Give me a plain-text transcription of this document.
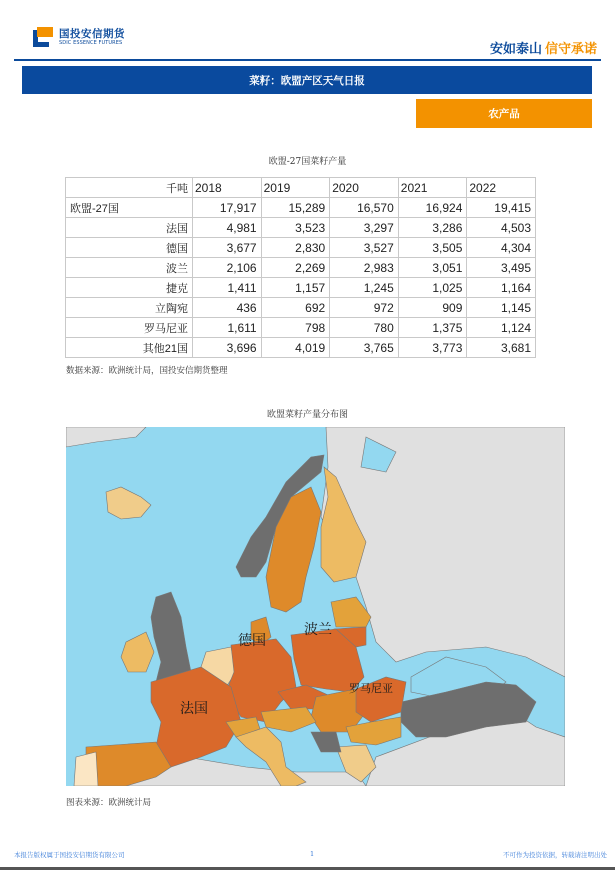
国投安信期货
SDIC ESSENCE FUTURES	安如泰山 信守承诺
菜籽：欧盟产区天气日报
农产品
欧盟-27国菜籽产量
千吨	2018	2019	2020	2021	2022
欧盟-27国	17,917	15,289	16,570	16,924	19,415
法国	4,981	3,523	3,297	3,286	4,503
德国	3,677	2,830	3,527	3,505	4,304
波兰	2,106	2,269	2,983	3,051	3,495
捷克	1,411	1,157	1,245	1,025	1,164
立陶宛	436	692	972	909	1,145
罗马尼亚	1,611	798	780	1,375	1,124
其他21国	3,696	4,019	3,765	3,773	3,681
数据来源：欧洲统计局，国投安信期货整理
欧盟菜籽产量分布图
德国
波兰
法国
罗马尼亚
图表来源：欧洲统计局
本报告版权属于国投安信期货有限公司	1	不可作为投资依据，转载请注明出处
